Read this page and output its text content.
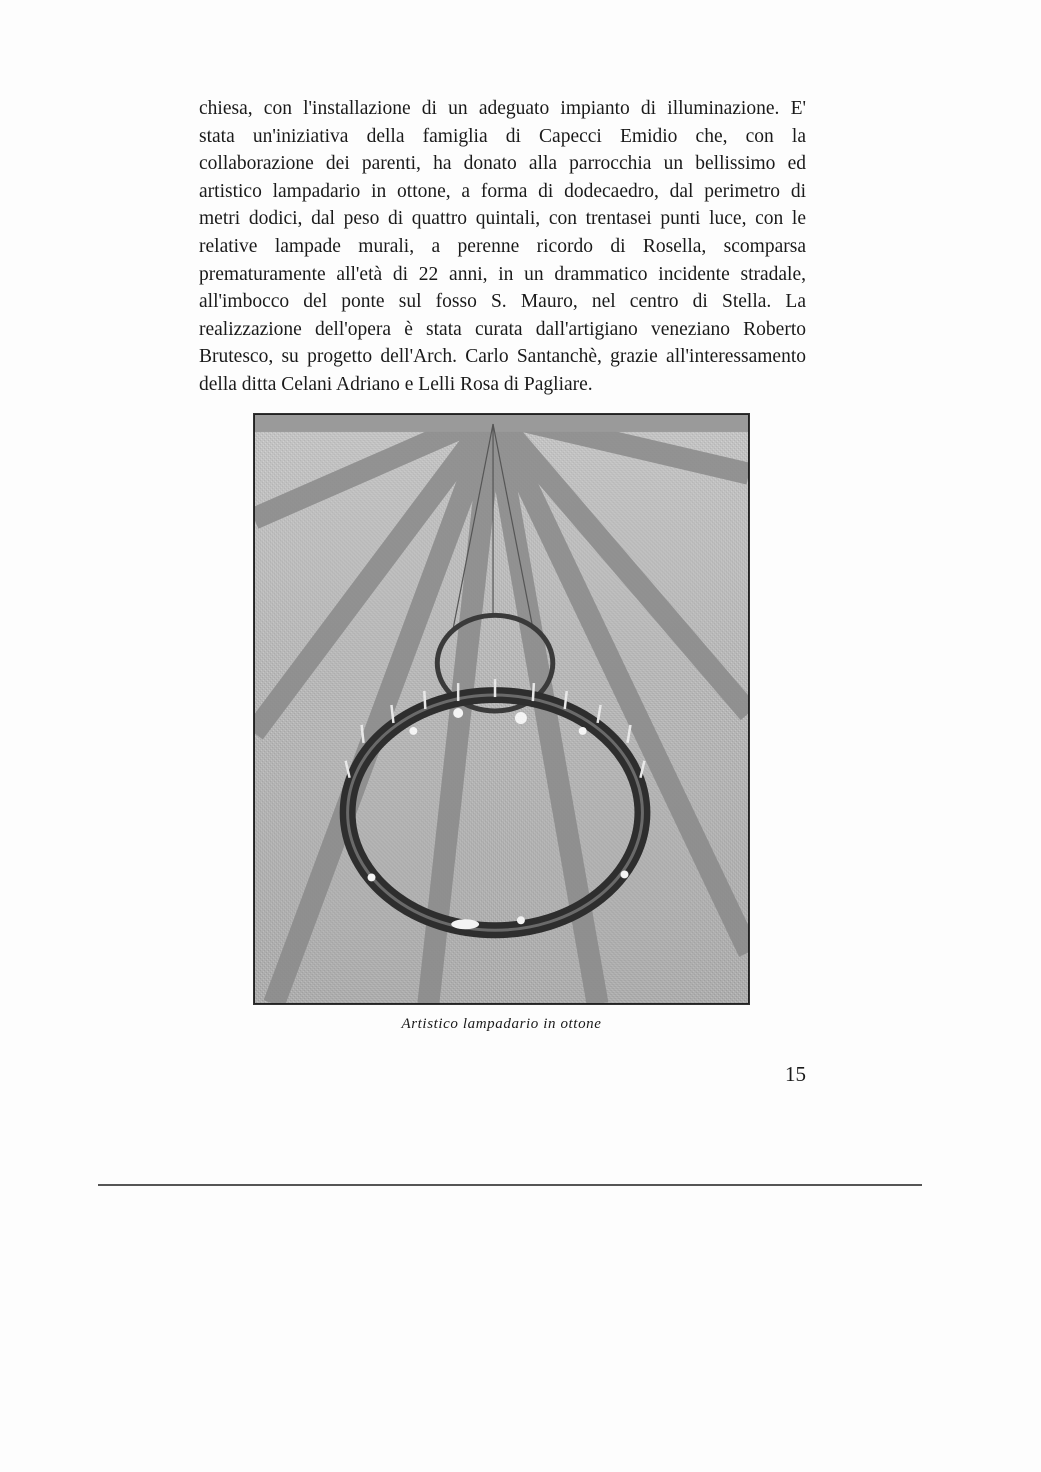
chiesa, con l'installazione di un adeguato impianto di illuminazione. E'
stata un'iniziativa della famiglia di Capecci Emidio che, con la
collaborazione dei parenti, ha donato alla parrocchia un bellissimo ed
artistico lampadario in ottone, a forma di dodecaedro, dal perimetro di
metri dodici, dal peso di quattro quintali, con trentasei punti luce, con le
relative lampade murali, a perenne ricordo di Rosella, scomparsa
prematuramente all'età di 22 anni, in un drammatico incidente stradale,
all'imbocco del ponte sul fosso S. Mauro, nel centro di Stella. La
realizzazione dell'opera è stata curata dall'artigiano veneziano Roberto
Brutesco, su progetto dell'Arch. Carlo Santanchè, grazie all'interessamento
della ditta Celani Adriano e Lelli Rosa di Pagliare.
Artistico lampadario in ottone
15
